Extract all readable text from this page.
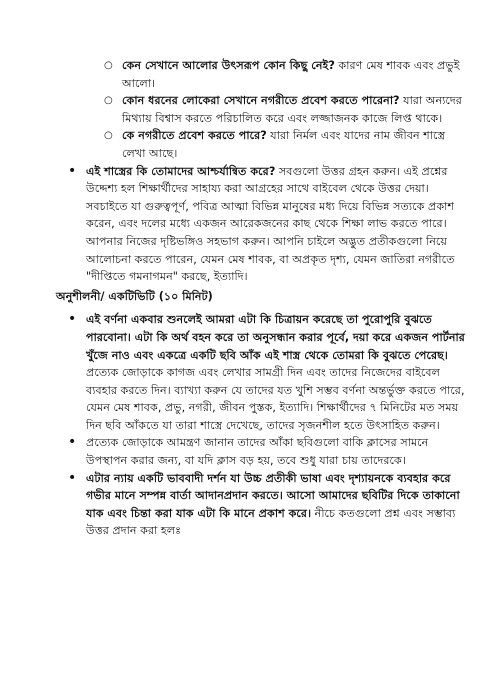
○ কেন সেখানে আলোর উৎসরূপ কোন কিছু নেই? কারণ মেষ শাবক এবং প্রভুই আলো।
○ কোন ধরনের লোকেরা সেখানে নগরীতে প্রবেশ করতে পারেনা? যারা অন্যদের মিথ্যায় বিশ্বাস করতে পরিচালিত করে এবং লজ্জাজনক কাজে লিপ্ত থাকে।
○ কে নগরীতে প্রবেশ করতে পারে? যারা নির্মল এবং যাদের নাম জীবন শাস্ত্রে লেখা আছে।
• এই শাস্ত্রের কি তোমাদের আশ্চর্যান্বিত করে? সবগুলো উত্তর গ্রহন করুন। এই প্রশ্নের উদ্দেশ্য হল শিক্ষার্থীদের সাহায্য করা আগ্রহের সাথে বাইবেল থেকে উত্তর দেয়া। সবচাইতে যা গুরুত্বপূর্ণ, পবিত্র আত্মা বিভিন্ন মানুষের মধ্য দিয়ে বিভিন্ন সত্যকে প্রকাশ করেন, এবং দলের মধ্যে একজন আরেকজনের কাছ থেকে শিক্ষা লাভ করতে পারে। আপনার নিজের দৃষ্টিভঙ্গিও সহভাগ করুন। আপনি চাইলে অদ্ভুত প্রতীকগুলো নিয়ে আলোচনা করতে পারেন, যেমন মেষ শাবক, বা অপ্রকৃত দৃশ্য, যেমন জাতিরা নগরীতে "দীপ্তিতে গমনাগমন" করছে, ইত্যাদি।
অনুশীলনী/ একটিভিটি (১০ মিনিট)
• এই বর্ণনা একবার শুনলেই আমরা এটা কি চিত্রায়ন করেছে তা পুরোপুরি বুঝতে পারবোনা। এটা কি অর্থ বহন করে তা অনুসন্ধান করার পূর্বে, দয়া করে একজন পার্টনার খুঁজে নাও এবং একত্রে একটি ছবি আঁক এই শাস্ত্র থেকে তোমরা কি বুঝতে পেরেছ। প্রত্যেক জোড়াকে কাগজ এবং লেখার সামগ্রী দিন এবং তাদের নিজেদের বাইবেল ব্যবহার করতে দিন। ব্যাখ্যা করুন যে তাদের যত খুশি সম্ভব বর্ণনা অন্তর্ভুক্ত করতে পারে, যেমন মেষ শাবক, প্রভু, নগরী, জীবন পুস্তক, ইত্যাদি। শিক্ষার্থীদের ৭ মিনিটের মত সময় দিন ছবি আঁকতে যা তারা শাস্ত্রে দেখেছে, তাদের সৃজনশীল হতে উৎসাহিত করুন।
• প্রত্যেক জোড়াকে আমন্ত্রণ জানান তাদের আঁকা ছবিগুলো বাকি ক্লাসের সামনে উপস্থাপন করার জন্য, বা যদি ক্লাস বড় হয়, তবে শুধু যারা চায় তাদেরকে।
• এটার ন্যায় একটি ভাববাদী দর্শন যা উচ্চ প্রতীকী ভাষা এবং দৃশ্যায়নকে ব্যবহার করে গভীর মানে সম্পন্ন বার্তা আদানপ্রদান করতে। আসো আমাদের ছবিটির দিকে তাকানো যাক এবং চিন্তা করা যাক এটা কি মানে প্রকাশ করে। নীচে কতগুলো প্রশ্ন এবং সম্ভাব্য উত্তর প্রদান করা হলঃ
